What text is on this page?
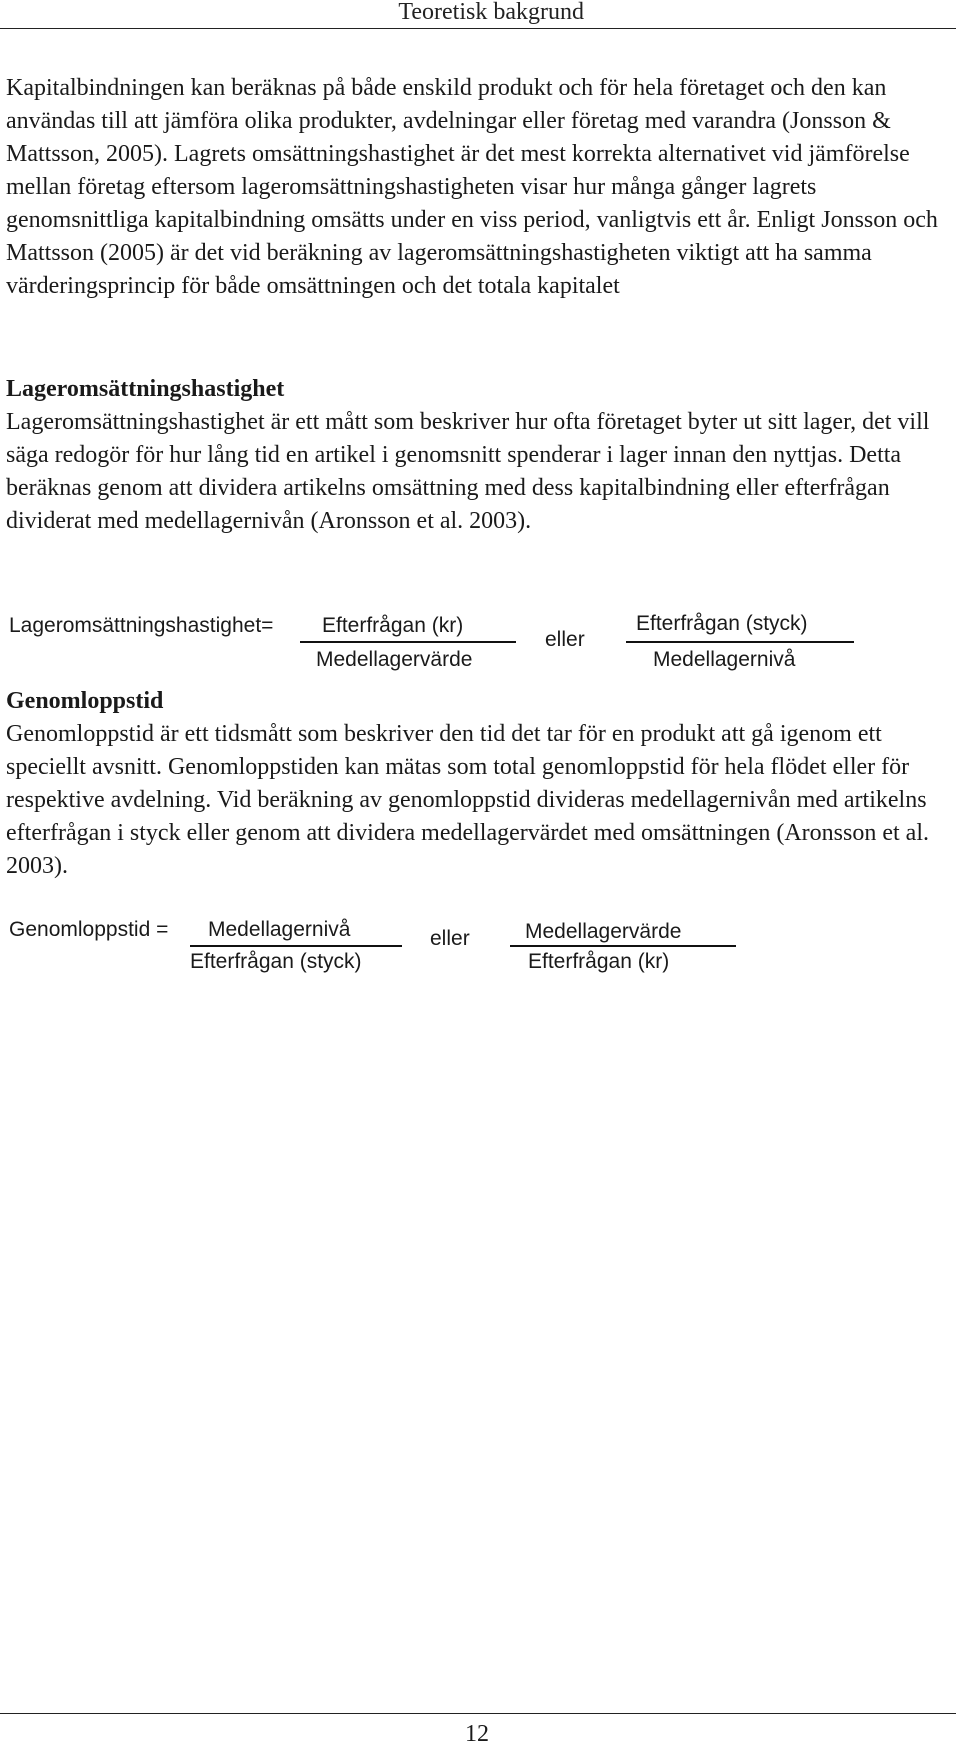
Teoretisk bakgrund

Kapitalbindningen kan beräknas på både enskild produkt och för hela företaget och den kan användas till att jämföra olika produkter, avdelningar eller företag med varandra (Jonsson & Mattsson, 2005). Lagrets omsättningshastighet är det mest korrekta alternativet vid jämförelse mellan företag eftersom lageromsättningshastigheten visar hur många gånger lagrets genomsnittliga kapitalbindning omsätts under en viss period, vanligtvis ett år. Enligt Jonsson och Mattsson (2005) är det vid beräkning av lageromsättningshastigheten viktigt att ha samma värderingsprincip för både omsättningen och det totala kapitalet

Lageromsättningshastighet

Lageromsättningshastighet är ett mått som beskriver hur ofta företaget byter ut sitt lager, det vill säga redogör för hur lång tid en artikel i genomsnitt spenderar i lager innan den nyttjas. Detta beräknas genom att dividera artikelns omsättning med dess kapitalbindning eller efterfrågan dividerat med medellagernivån (Aronsson et al. 2003).

Lageromsättningshastighet= Efterfrågan (kr)
Medellagervärde
eller
Efterfrågan (styck)
Medellagernivå
Genomloppstid

Genomloppstid är ett tidsmått som beskriver den tid det tar för en produkt att gå igenom ett speciellt avsnitt. Genomloppstiden kan mätas som total genomloppstid för hela flödet eller för respektive avdelning. Vid beräkning av genomloppstid divideras medellagernivån med artikelns efterfrågan i styck eller genom att dividera medellagervärdet med omsättningen (Aronsson et al. 2003).

Genomloppstid = Medellagernivå
Efterfrågan (styck)
eller	Medellagervärde
Efterfrågan (kr)
12
